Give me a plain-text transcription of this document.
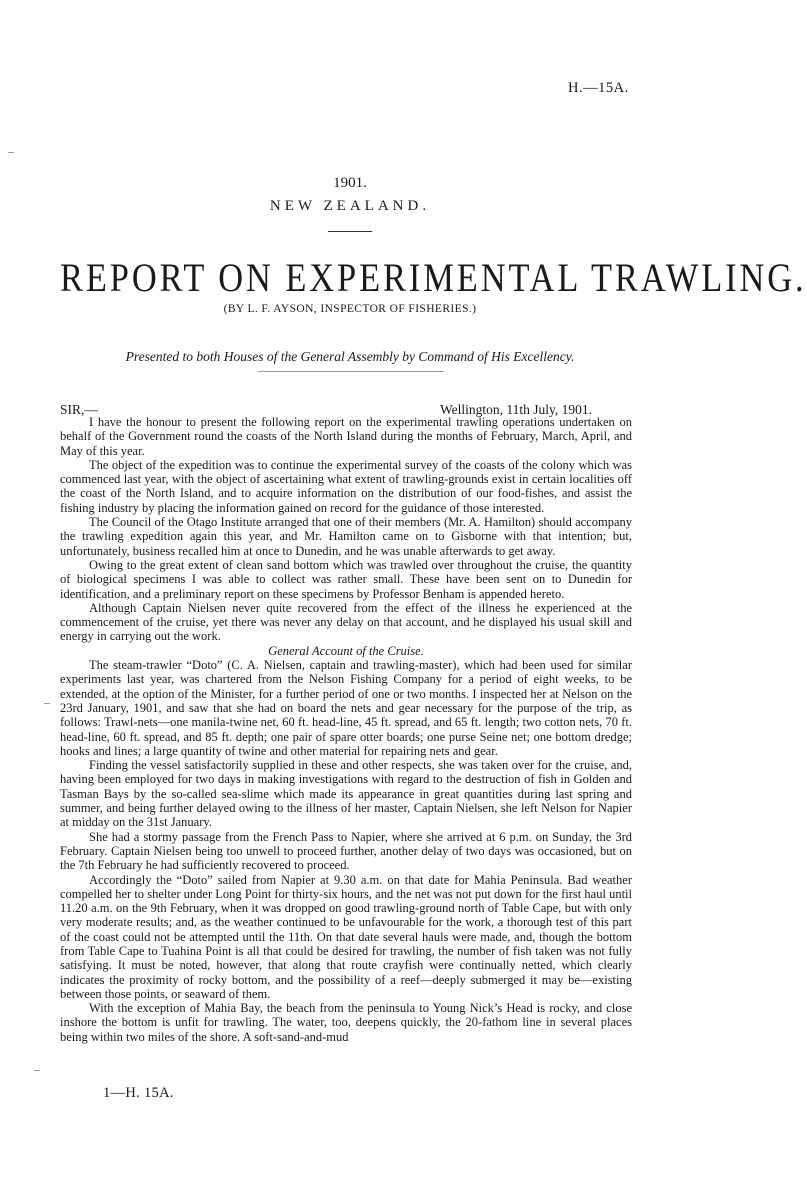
H.—15A.
1901.
NEW ZEALAND.
REPORT ON EXPERIMENTAL TRAWLING.
(BY L. F. AYSON, INSPECTOR OF FISHERIES.)
Presented to both Houses of the General Assembly by Command of His Excellency.
SIR,—	Wellington, 11th July, 1901.

I have the honour to present the following report on the experimental trawling operations undertaken on behalf of the Government round the coasts of the North Island during the months of February, March, April, and May of this year.

The object of the expedition was to continue the experimental survey of the coasts of the colony which was commenced last year, with the object of ascertaining what extent of trawling-grounds exist in certain localities off the coast of the North Island, and to acquire information on the distribution of our food-fishes, and assist the fishing industry by placing the information gained on record for the guidance of those interested.

The Council of the Otago Institute arranged that one of their members (Mr. A. Hamilton) should accompany the trawling expedition again this year, and Mr. Hamilton came on to Gisborne with that intention; but, unfortunately, business recalled him at once to Dunedin, and he was unable afterwards to get away.

Owing to the great extent of clean sand bottom which was trawled over throughout the cruise, the quantity of biological specimens I was able to collect was rather small. These have been sent on to Dunedin for identification, and a preliminary report on these specimens by Professor Benham is appended hereto.

Although Captain Nielsen never quite recovered from the effect of the illness he experienced at the commencement of the cruise, yet there was never any delay on that account, and he displayed his usual skill and energy in carrying out the work.

General Account of the Cruise.

The steam-trawler “Doto” (C. A. Nielsen, captain and trawling-master), which had been used for similar experiments last year, was chartered from the Nelson Fishing Company for a period of eight weeks, to be extended, at the option of the Minister, for a further period of one or two months. I inspected her at Nelson on the 23rd January, 1901, and saw that she had on board the nets and gear necessary for the purpose of the trip, as follows: Trawl-nets—one manila-twine net, 60 ft. head-line, 45 ft. spread, and 65 ft. length; two cotton nets, 70 ft. head-line, 60 ft. spread, and 85 ft. depth; one pair of spare otter boards; one purse Seine net; one bottom dredge; hooks and lines; a large quantity of twine and other material for repairing nets and gear.

Finding the vessel satisfactorily supplied in these and other respects, she was taken over for the cruise, and, having been employed for two days in making investigations with regard to the destruction of fish in Golden and Tasman Bays by the so-called sea-slime which made its appearance in great quantities during last spring and summer, and being further delayed owing to the illness of her master, Captain Nielsen, she left Nelson for Napier at midday on the 31st January.

She had a stormy passage from the French Pass to Napier, where she arrived at 6 p.m. on Sunday, the 3rd February. Captain Nielsen being too unwell to proceed further, another delay of two days was occasioned, but on the 7th February he had sufficiently recovered to proceed.

Accordingly the “Doto” sailed from Napier at 9.30 a.m. on that date for Mahia Peninsula. Bad weather compelled her to shelter under Long Point for thirty-six hours, and the net was not put down for the first haul until 11.20 a.m. on the 9th February, when it was dropped on good trawling-ground north of Table Cape, but with only very moderate results; and, as the weather continued to be unfavourable for the work, a thorough test of this part of the coast could not be attempted until the 11th. On that date several hauls were made, and, though the bottom from Table Cape to Tuahina Point is all that could be desired for trawling, the number of fish taken was not fully satisfying. It must be noted, however, that along that route crayfish were continually netted, which clearly indicates the proximity of rocky bottom, and the possibility of a reef—deeply submerged it may be—existing between those points, or seaward of them.

With the exception of Mahia Bay, the beach from the peninsula to Young Nick’s Head is rocky, and close inshore the bottom is unfit for trawling. The water, too, deepens quickly, the 20-fathom line in several places being within two miles of the shore. A soft-sand-and-mud

1—H. 15A.
